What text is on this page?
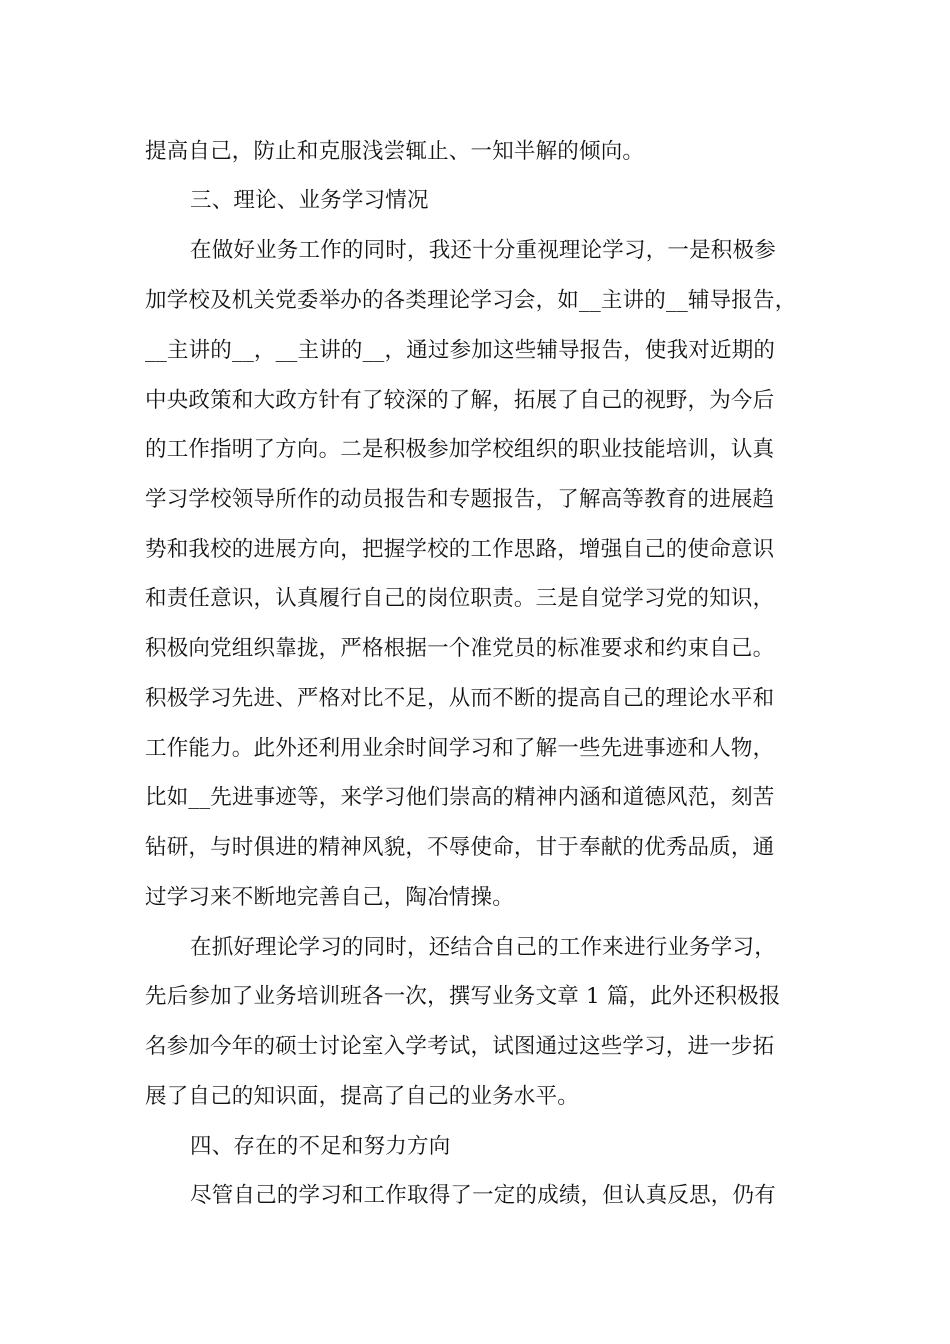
提高自己，防止和克服浅尝辄止、一知半解的倾向。
三、理论、业务学习情况
在做好业务工作的同时，我还十分重视理论学习，一是积极参
加学校及机关党委举办的各类理论学习会，如__主讲的__辅导报告，
__主讲的__，__主讲的__，通过参加这些辅导报告，使我对近期的
中央政策和大政方针有了较深的了解，拓展了自己的视野，为今后
的工作指明了方向。二是积极参加学校组织的职业技能培训，认真
学习学校领导所作的动员报告和专题报告，了解高等教育的进展趋
势和我校的进展方向，把握学校的工作思路，增强自己的使命意识
和责任意识，认真履行自己的岗位职责。三是自觉学习党的知识，
积极向党组织靠拢，严格根据一个准党员的标准要求和约束自己。
积极学习先进、严格对比不足，从而不断的提高自己的理论水平和
工作能力。此外还利用业余时间学习和了解一些先进事迹和人物，
比如__先进事迹等，来学习他们崇高的精神内涵和道德风范，刻苦
钻研，与时俱进的精神风貌，不辱使命，甘于奉献的优秀品质，通
过学习来不断地完善自己，陶冶情操。
在抓好理论学习的同时，还结合自己的工作来进行业务学习，
先后参加了业务培训班各一次，撰写业务文章 1 篇，此外还积极报
名参加今年的硕士讨论室入学考试，试图通过这些学习，进一步拓
展了自己的知识面，提高了自己的业务水平。
四、存在的不足和努力方向
尽管自己的学习和工作取得了一定的成绩，但认真反思，仍有
